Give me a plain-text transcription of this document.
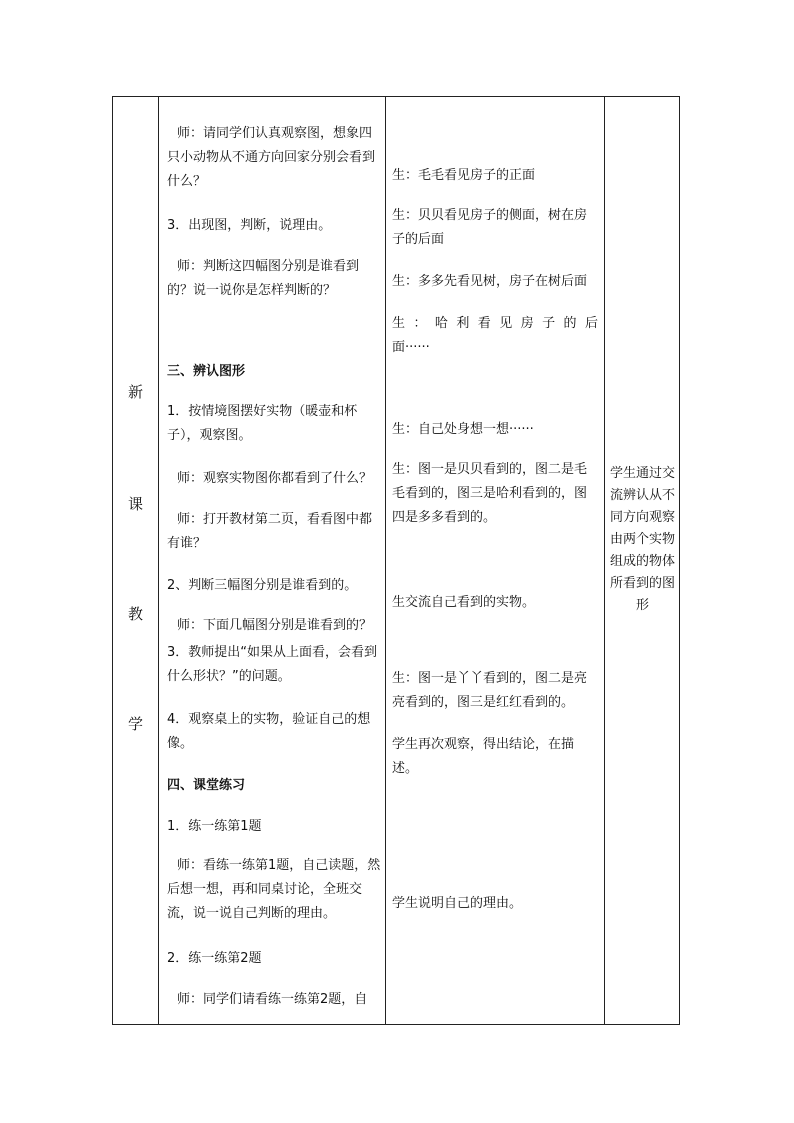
新
课
教
学
师：请同学们认真观察图，想象四只小动物从不通方向回家分别会看到什么？
3．出现图，判断，说理由。
师：判断这四幅图分别是谁看到的？说一说你是怎样判断的？
三、辨认图形
1．按情境图摆好实物（暖壶和杯子），观察图。
师：观察实物图你都看到了什么？
师：打开教材第二页，看看图中都有谁？
2、判断三幅图分别是谁看到的。
师：下面几幅图分别是谁看到的？
3．教师提出“如果从上面看，会看到什么形状？”的问题。
4．观察桌上的实物，验证自己的想像。
四、课堂练习
1．练一练第1题
师：看练一练第1题，自己读题，然后想一想，再和同桌讨论，全班交流，说一说自己判断的理由。
2．练一练第2题
师：同学们请看练一练第2题，自
生：毛毛看见房子的正面
生：贝贝看见房子的侧面，树在房子的后面
生：多多先看见树，房子在树后面
生：哈利看见房子的后
面······
生：自己处身想一想······
生：图一是贝贝看到的，图二是毛毛看到的，图三是哈利看到的，图四是多多看到的。
生交流自己看到的实物。
生：图一是丫丫看到的，图二是亮亮看到的，图三是红红看到的。
学生再次观察，得出结论，在描述。
学生说明自己的理由。
学生通过交流辨认从不同方向观察由两个实物组成的物体所看到的图形
